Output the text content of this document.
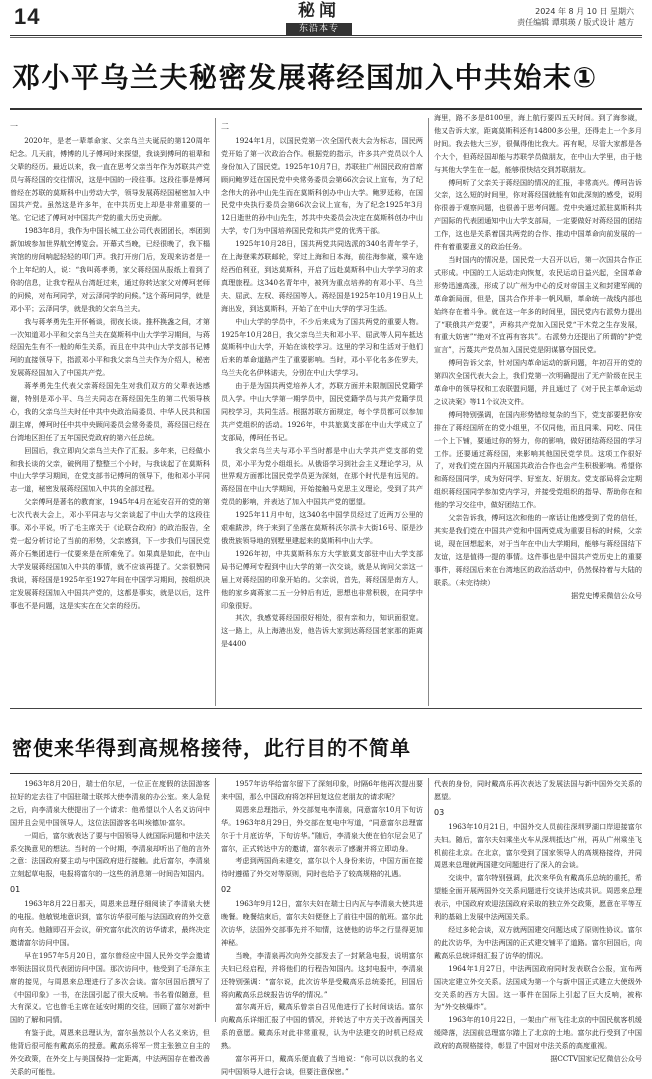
14	秘闻
东沿本专
2024 年 8 月 10 日 星期六
责任编辑 谭琪瑛 / 版式设计 越方
邓小平乌兰夫秘密发展蒋经国加入中共始末①

一

2020年，是老一辈革命家、父亲乌兰夫诞辰的第120周年纪念。几天前，傅博的儿子傅珂时来探望，我谈到傅珂的祖辈和父辈的经历。最近以来，我一直在思考父亲当年作为苏联共产党员与蒋经国的交往情况，这是中国的一段往事。这段往事是傅珂曾经在苏联的莫斯科中山劳动大学，领导发展蒋经国秘密加入中国共产党。虽然这是许多年，在中共历史上却是非常重要的一笔。它记述了傅珂对中国共产党的重大历史贡献。

1983年8月，我作为中国长城工业公司代表团团长，率团到新加坡参加世界航空博览会。开幕式当晚，已经很晚了，我下榻宾馆的房间响起轻轻的叩门声。我打开房门后，发现来访者是一个上年纪的人，说：“我叫蒋孝勇，家父蒋经国从报纸上看到了你的信息，让我专程从台湾赶过来，通过你转达家父对傅珂老师的问候，对布珂同学，对云泽同学的问候。”这个蒋珂同学，就是邓小平；云泽同学，就是我的父亲乌兰夫。

我与蒋孝勇先生开怀畅谈，彻夜长谈。推杯换盏之间，才第一次知道邓小平和父亲乌兰夫在莫斯科中山大学学习期间，与蒋经国先生有不一般的师生关系，而且在中共中山大学支部书记傅珂的直接领导下，指派邓小平和我父亲乌兰夫作为介绍人，秘密发展蒋经国加入了中国共产党。

蒋孝勇先生代表父亲蒋经国先生对我们双方的父辈表达感谢，特别是邓小平、乌兰夫同志在蒋经国先生的第二代领导核心，我的父亲乌兰夫时任中共中央政治局委员、中华人民共和国副主席，傅珂时任中共中央顾问委员会常务委员，蒋经国已经在台湾地区担任了五年国民党政府的第六任总统。

回国后，我立即向父亲乌兰夫作了汇报。多年来，已经做小和我长谈的父亲，破例用了整整三个小时，与我谈起了在莫斯科中山大学学习期间，在党支部书记傅珂的领导下，他和邓小平同志一道，秘密发展蒋经国加入中共的全部过程。

父亲傅珂是著名的教育家，1945年4月在延安召开的党的第七次代表大会上，邓小平同志与父亲谈起了中山大学的这段往事。邓小平说，听了毛主席关于《论联合政府》的政治报告，全党一起分析讨论了当前的形势，父亲感到，下一步我们与国民党蒋介石集团进行一仗要来是在所难免了。如果真是如此，在中山大学发展蒋经国加入中共的事情，就不应该再提了。父亲很赞同我说，蒋经国是1925年至1927年间在中国学习期间，按组织决定发展蒋经国加入中国共产党的，这都是事实，就是以后，这件事也不是问题，这是实实在在父亲的经历。

二

1924年1月，以国民党第一次全国代表大会为标志，国民两党开始了第一次政治合作。根据党的指示，许多共产党员以个人身份加入了国民党。1925年10月7日，苏联驻广州国民政府首席顾问鲍罗廷在国民党中央常务委员会第66次会议上宣布，为了纪念伟大的孙中山先生而在莫斯科创办中山大学。鲍罗廷称，在国民党中央执行委员会第66次会议上宣布，为了纪念1925年3月12日逝世的孙中山先生，苏共中央委员会决定在莫斯科创办中山大学，专门为中国培养国民党和共产党的优秀干部。

1925年10月28日，国共两党共同选派的340名青年学子，在上海登乘苏联邮轮，穿过上海和日本海，前往海参崴，乘车途经西伯利亚，到达莫斯科，开启了远赴莫斯科中山大学学习的求真理旅程。这340名青年中，被列为重点培养的有邓小平、乌兰夫、屈武、左权、蒋经国等人。蒋经国是1925年10月19日从上海出发，到达莫斯科，开始了在中山大学的学习生活。

中山大学的学员中，不少后来成为了国共两党的重要人物。1925年10月28日，我父亲乌兰夫和邓小平、屈武等人同车抵达莫斯科中山大学，开始在该校学习。这里的学习和生活对于他们后来的革命道路产生了重要影响。当时，邓小平化名多佐罗夫，乌兰夫化名伊林诺夫，分别在中山大学学习。

由于是为国共两党培养人才，苏联方面并未限制国民党籍学员入学。中山大学第一期学员中，国民党籍学员与共产党籍学员同校学习，共同生活。根据苏联方面规定，每个学员都可以参加共产党组织的活动。1926年，中共旅莫支部在中山大学成立了支部局，傅珂任书记。

我父亲乌兰夫与邓小平当时都是中山大学共产党支部的党员，邓小平为党小组组长。从俄语学习到社会主义理论学习，从世界观方面都比国民党学员更为深刻，在那个时代是有远见的。蒋经国在中山大学期间，开始接触马克思主义理论，受到了共产党员的影响，并表达了加入中国共产党的愿望。

1925年11月中旬，这340名中国学员经过了近两万公里的艰难跋涉，终于来到了坐落在莫斯科沃尔洪卡大街16号、原是沙俄贵族领导地的别墅里建起来的莫斯科中山大学。

1926年初，中共莫斯科东方大学旅莫支部驻中山大学支部局书记傅珂专程到中山大学的第一次交谈，就是从询问父亲这一届上对蒋经国的印象开始的。父亲说，首先，蒋经国是南方人，他的家乡离蒋家二五一分钟后有近，思想也非常积极，在同学中印象很好。

其次，我感觉蒋经国很好相处，很有亲和力，知识面很宽。这一路上，从上海港出发，他告诉大家到达蒋经国老家那的距离是4400

海里，路不多是8100里，海上航行要四五天时间。到了海参崴，他又告诉大家，距离莫斯科还有14800多公里，还得走上一个多月时间。我去他大三岁，很佩得他比我大。再有呢，尽管大家都是各个大个，但蒋经国却能与苏联学员做朋友，在中山大学里，由于他与其他大学生在一起，能够很快结交到苏联朋友。

傅珂听了父亲关于蒋经国的情况的汇报，非常高兴。傅珂告诉父亲，这么短的时间里，你对蒋经国就能有如此深刻的感受，说明你很善于观察问题，也很善于思考问题。党中央通过派驻莫斯科共产国际的代表团通知中山大学支部局，一定要做好对蒋经国的团结工作，这也是关系着国共两党的合作、推动中国革命向前发展的一件有着重要意义的政治任务。

当时国内的情况是，国民党一大召开以后，第一次国共合作正式形成。中国的工人运动走向恢复，农民运动日益兴起，全国革命形势迅速高涨，形成了以广州为中心的反对帝国主义和封建军阀的革命新局面，但是，国共合作并非一帆风顺，革命统一战线内部也始终存在着斗争。就在这一年多的时间里，国民党内右派势力提出了“联俄共产党要”，声称共产党加入国民党“干木党之生存发展，有重大妨害”“绝对不宜再有容共”。右派势力还提出了所谓的“护党宣言”，污蔑共产党员加入国民党是阴谋篡夺国民党。

傅珂告诉父亲，针对国内革命运动的新问题，年初召开的党的第四次全国代表大会上，我们党第一次明确提出了无产阶级在民主革命中的领导权和工农联盟问题，并且通过了《对于民主革命运动之议决案》等11个议决文件。

傅珂特别强调，在国内形势错综复杂的当下，党支部要把你安排在了蒋经国所在的党小组里，不仅同他，而且同乘、同吃、同住一个上下铺，要通过你的努力，你的影响，做好团结蒋经国的学习工作。还要通过蒋经国，来影响其他国民党学员。这项工作很好了，对我们党在国内开展国共政治合作也会产生积极影响。希望你和蒋经国同学，成为好同学、好室友、好朋友。党支部局将会定期组织蒋经国同学参加党内学习，并接受党组织的指导、帮助你在和他的学习交往中，做好团结工作。

父亲告诉我，傅珂这次和他的一席话让他感受到了党的信任，其实是我们党在中国共产党和中国两党成为重要目标的时候，父亲说，现在回想起来，对于当年在中山大学期间，能够与蒋经国结下友谊，这是值得一提的事情。这件事也是中国共产党历史上的重要事件，蒋经国后来在台湾地区的政治活动中，仍然保持着与大陆的联系。（未完待续）

据党史博采微信公众号

密使来华得到高规格接待，此行目的不简单

1963年8月20日，瑞士伯尔尼，一位正在度假的法国游客拉好的定去往了中国驻瑞士联邦大使李清泉的办公室。来人急促之后，向李清泉大使提出了一个请求：他希望以个人名义访问中国并且会见中国领导人，这位法国游客名叫埃德加·富尔。

一周后，富尔就表达了要与中国领导人就国际问题和中法关系交换意见的想法。当时的一个时期，李清泉却听出了他的言外之意：法国政府要主动与中国政府进行接触。此后富尔，李清泉立刻起草电报，电报将富尔的一这些的消息第一时间告知国内。

01

1963年8月22日那天，周恩来总理仔细阅读了李清泉大使的电报。他敏锐地意识到，富尔访华很可能与法国政府的外交意向有关。他随即召开会议，研究富尔此次的访华请求，最终决定邀请富尔访问中国。

早在1957年5月20日，富尔曾经应中国人民外交学会邀请率领法国议员代表团访问中国。那次访问中，他受到了毛泽东主席的接见，与周恩来总理进行了多次会谈。富尔回国后撰写了《中国印象》一书，在法国引起了很大反响。书名看似随意，但大有深义。它也曾毛主席在延安时期的交往，回顾了富尔对新中国的了解和同情。

有鉴于此，周恩来总理认为，富尔虽然以个人名义来访，但他背后很可能有戴高乐的授意。戴高乐将军一贯主张独立自主的外交政策，在外交上与美国保持一定距离，中法两国存在着改善关系的可能性。

1957年访华给富尔留下了深刻印象，时隔6年他再次提出要来中国，那么中国政府将怎样回复这位老朋友的请求呢？

周恩来总理指示，外交部复电李清泉，同意富尔10月下旬访华。1963年8月29日，外交部在复电中写道，“同意富尔总理富尔于十月底访华，下旬访华。”随后，李清泉大使在伯尔尼会见了富尔，正式转达中方的邀请，富尔表示了感谢并将立即动身。

考虑到两国尚未建交，富尔以个人身份来访，中国方面在接待时遵循了外交对等原则，同时也给予了较高规格的礼遇。

02

1963年9月12日，富尔夫妇在瑞士日内瓦与李清泉大使共进晚餐。晚餐结束后，富尔夫妇便登上了前往中国的航班。富尔此次访华，法国外交部事先并不知情，这使他的访华之行显得更加神秘。

当晚，李清泉再次向外交部发去了一封紧急电报，说明富尔夫妇已经启程，并将他们的行程告知国内。这封电报中，李清泉还特别强调：“富尔说，此次访华是受戴高乐总统委托，回国后将向戴高乐总统报告访华的情况。”

富尔离开后，戴高乐曾亲自召见他进行了长时间谈话。富尔向戴高乐详细汇报了中国的情况，并转达了中方关于改善两国关系的意愿。戴高乐对此非常重视，认为中法建交的时机已经成熟。

富尔再开口，戴高乐便直截了当地说：“你可以以我的名义同中国领导人进行会谈，但要注意保密。”

代表的身份，同时戴高乐再次表达了发展法国与新中国外交关系的愿望。

03

1963年10月21日，中国外交人员前往深圳罗湖口岸迎接富尔夫妇。随后，富尔夫妇乘坐火车从深圳抵达广州，再从广州乘坐飞机前往北京。在北京，富尔受到了国家领导人的高规格接待，并同周恩来总理就两国建交问题进行了深入的会谈。

交谈中，富尔特别强调，此次来华负有戴高乐总统的重托，希望能全面开展两国外交关系问题进行交谈并达成共识。周恩来总理表示，中国政府欢迎法国政府采取的独立外交政策，愿意在平等互利的基础上发展中法两国关系。

经过多轮会谈，双方就两国建交问题达成了原则性协议。富尔的此次访华，为中法两国的正式建交铺平了道路。富尔回国后，向戴高乐总统详细汇报了访华的情况。

1964年1月27日，中法两国政府同时发表联合公报，宣布两国决定建立外交关系。法国成为第一个与新中国正式建立大使级外交关系的西方大国。这一事件在国际上引起了巨大反响，被称为“外交核爆炸”。

1963年的10月22日，一架由广州飞往北京的中国民航客机缓缓降落，法国前总理富尔踏上了北京的土地。富尔此行受到了中国政府的高规格接待，彰显了中国对中法关系的高度重视。

据CCTV国家记忆微信公众号
